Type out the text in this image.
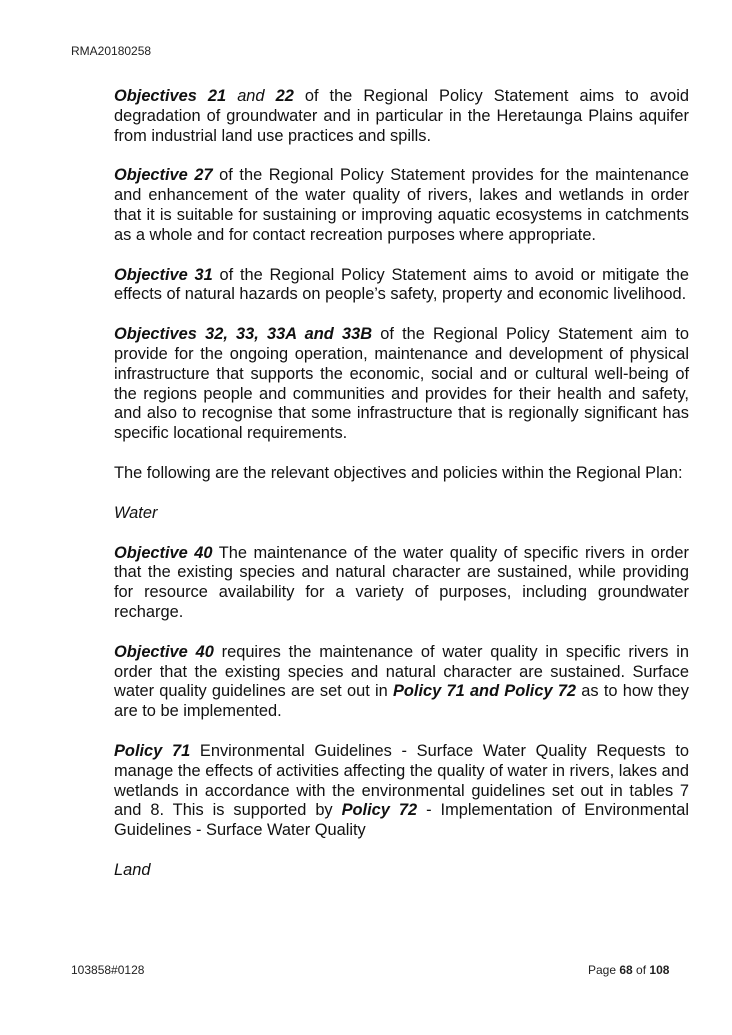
RMA20180258

Objectives 21 and 22 of the Regional Policy Statement aims to avoid degradation of groundwater and in particular in the Heretaunga Plains aquifer from industrial land use practices and spills.

Objective 27 of the Regional Policy Statement provides for the maintenance and enhancement of the water quality of rivers, lakes and wetlands in order that it is suitable for sustaining or improving aquatic ecosystems in catchments as a whole and for contact recreation purposes where appropriate.

Objective 31 of the Regional Policy Statement aims to avoid or mitigate the effects of natural hazards on people’s safety, property and economic livelihood.

Objectives 32, 33, 33A and 33B of the Regional Policy Statement aim to provide for the ongoing operation, maintenance and development of physical infrastructure that supports the economic, social and or cultural well-being of the regions people and communities and provides for their health and safety, and also to recognise that some infrastructure that is regionally significant has specific locational requirements.

The following are the relevant objectives and policies within the Regional Plan:

Water

Objective 40 The maintenance of the water quality of specific rivers in order that the existing species and natural character are sustained, while providing for resource availability for a variety of purposes, including groundwater recharge.

Objective 40 requires the maintenance of water quality in specific rivers in order that the existing species and natural character are sustained. Surface water quality guidelines are set out in Policy 71 and Policy 72 as to how they are to be implemented.

Policy 71 Environmental Guidelines - Surface Water Quality Requests to manage the effects of activities affecting the quality of water in rivers, lakes and wetlands in accordance with the environmental guidelines set out in tables 7 and 8. This is supported by Policy 72 - Implementation of Environmental Guidelines - Surface Water Quality

Land

103858#0128	Page 68 of 108
